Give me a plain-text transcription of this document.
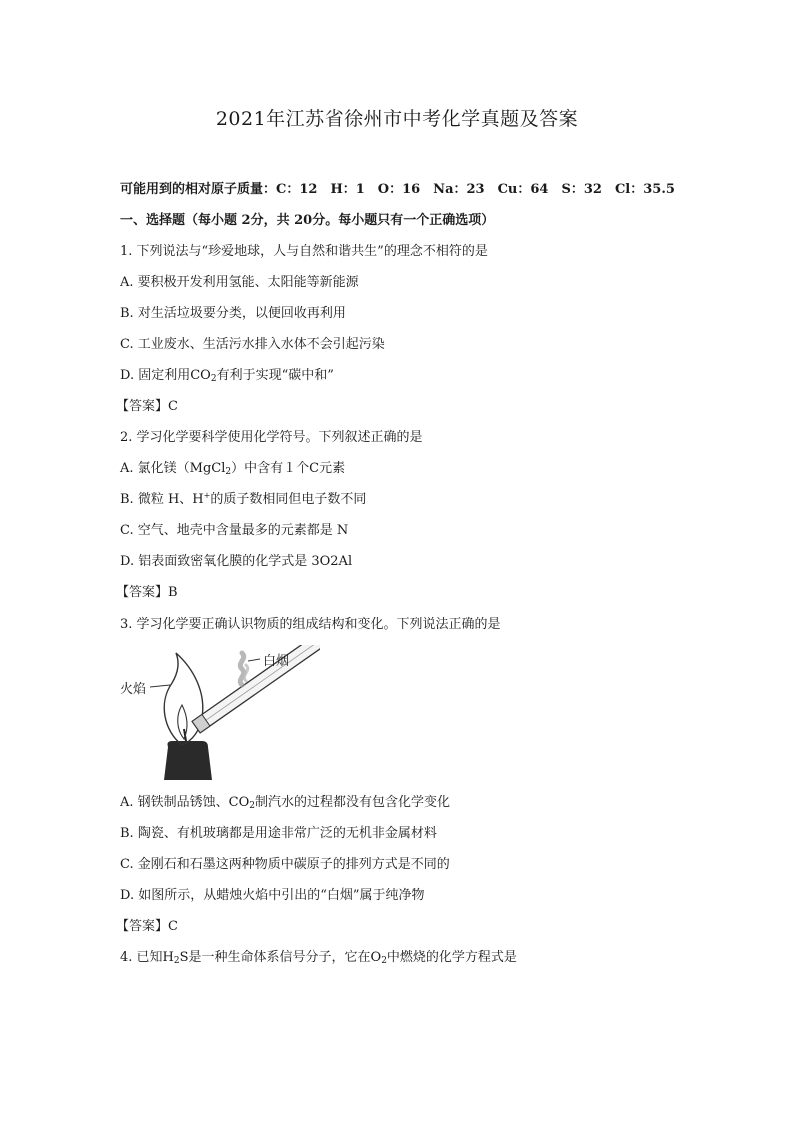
2021年江苏省徐州市中考化学真题及答案
可能用到的相对原子质量：C：12　H：1　O：16　Na：23　Cu：64　S：32　Cl：35.5
一、选择题（每小题 2分，共 20分。每小题只有一个正确选项）
1. 下列说法与“珍爱地球，人与自然和谐共生”的理念不相符的是
A. 要积极开发利用氢能、太阳能等新能源
B. 对生活垃圾要分类，以便回收再利用
C. 工业废水、生活污水排入水体不会引起污染
D. 固定利用$CO_2$有利于实现“碳中和”
【答案】C
2. 学习化学要科学使用化学符号。下列叙述正确的是
A. 氯化镁（MgCl$_2$）中含有１个C元素
B. 微粒 H、H+的质子数相同但电子数不同
C. 空气、地壳中含量最多的元素都是 N
D. 铝表面致密氧化膜的化学式是 3O2Al
【答案】B
3. 学习化学要正确认识物质的组成结构和变化。下列说法正确的是
白烟
火焰
A. 钢铁制品锈蚀、$CO_2$制汽水的过程都没有包含化学变化
B. 陶瓷、有机玻璃都是用途非常广泛的无机非金属材料
C. 金刚石和石墨这两种物质中碳原子的排列方式是不同的
D. 如图所示，从蜡烛火焰中引出的“白烟”属于纯净物
【答案】C
4. 已知$H_2S$是一种生命体系信号分子，它在$O_2$中燃烧的化学方程式是
